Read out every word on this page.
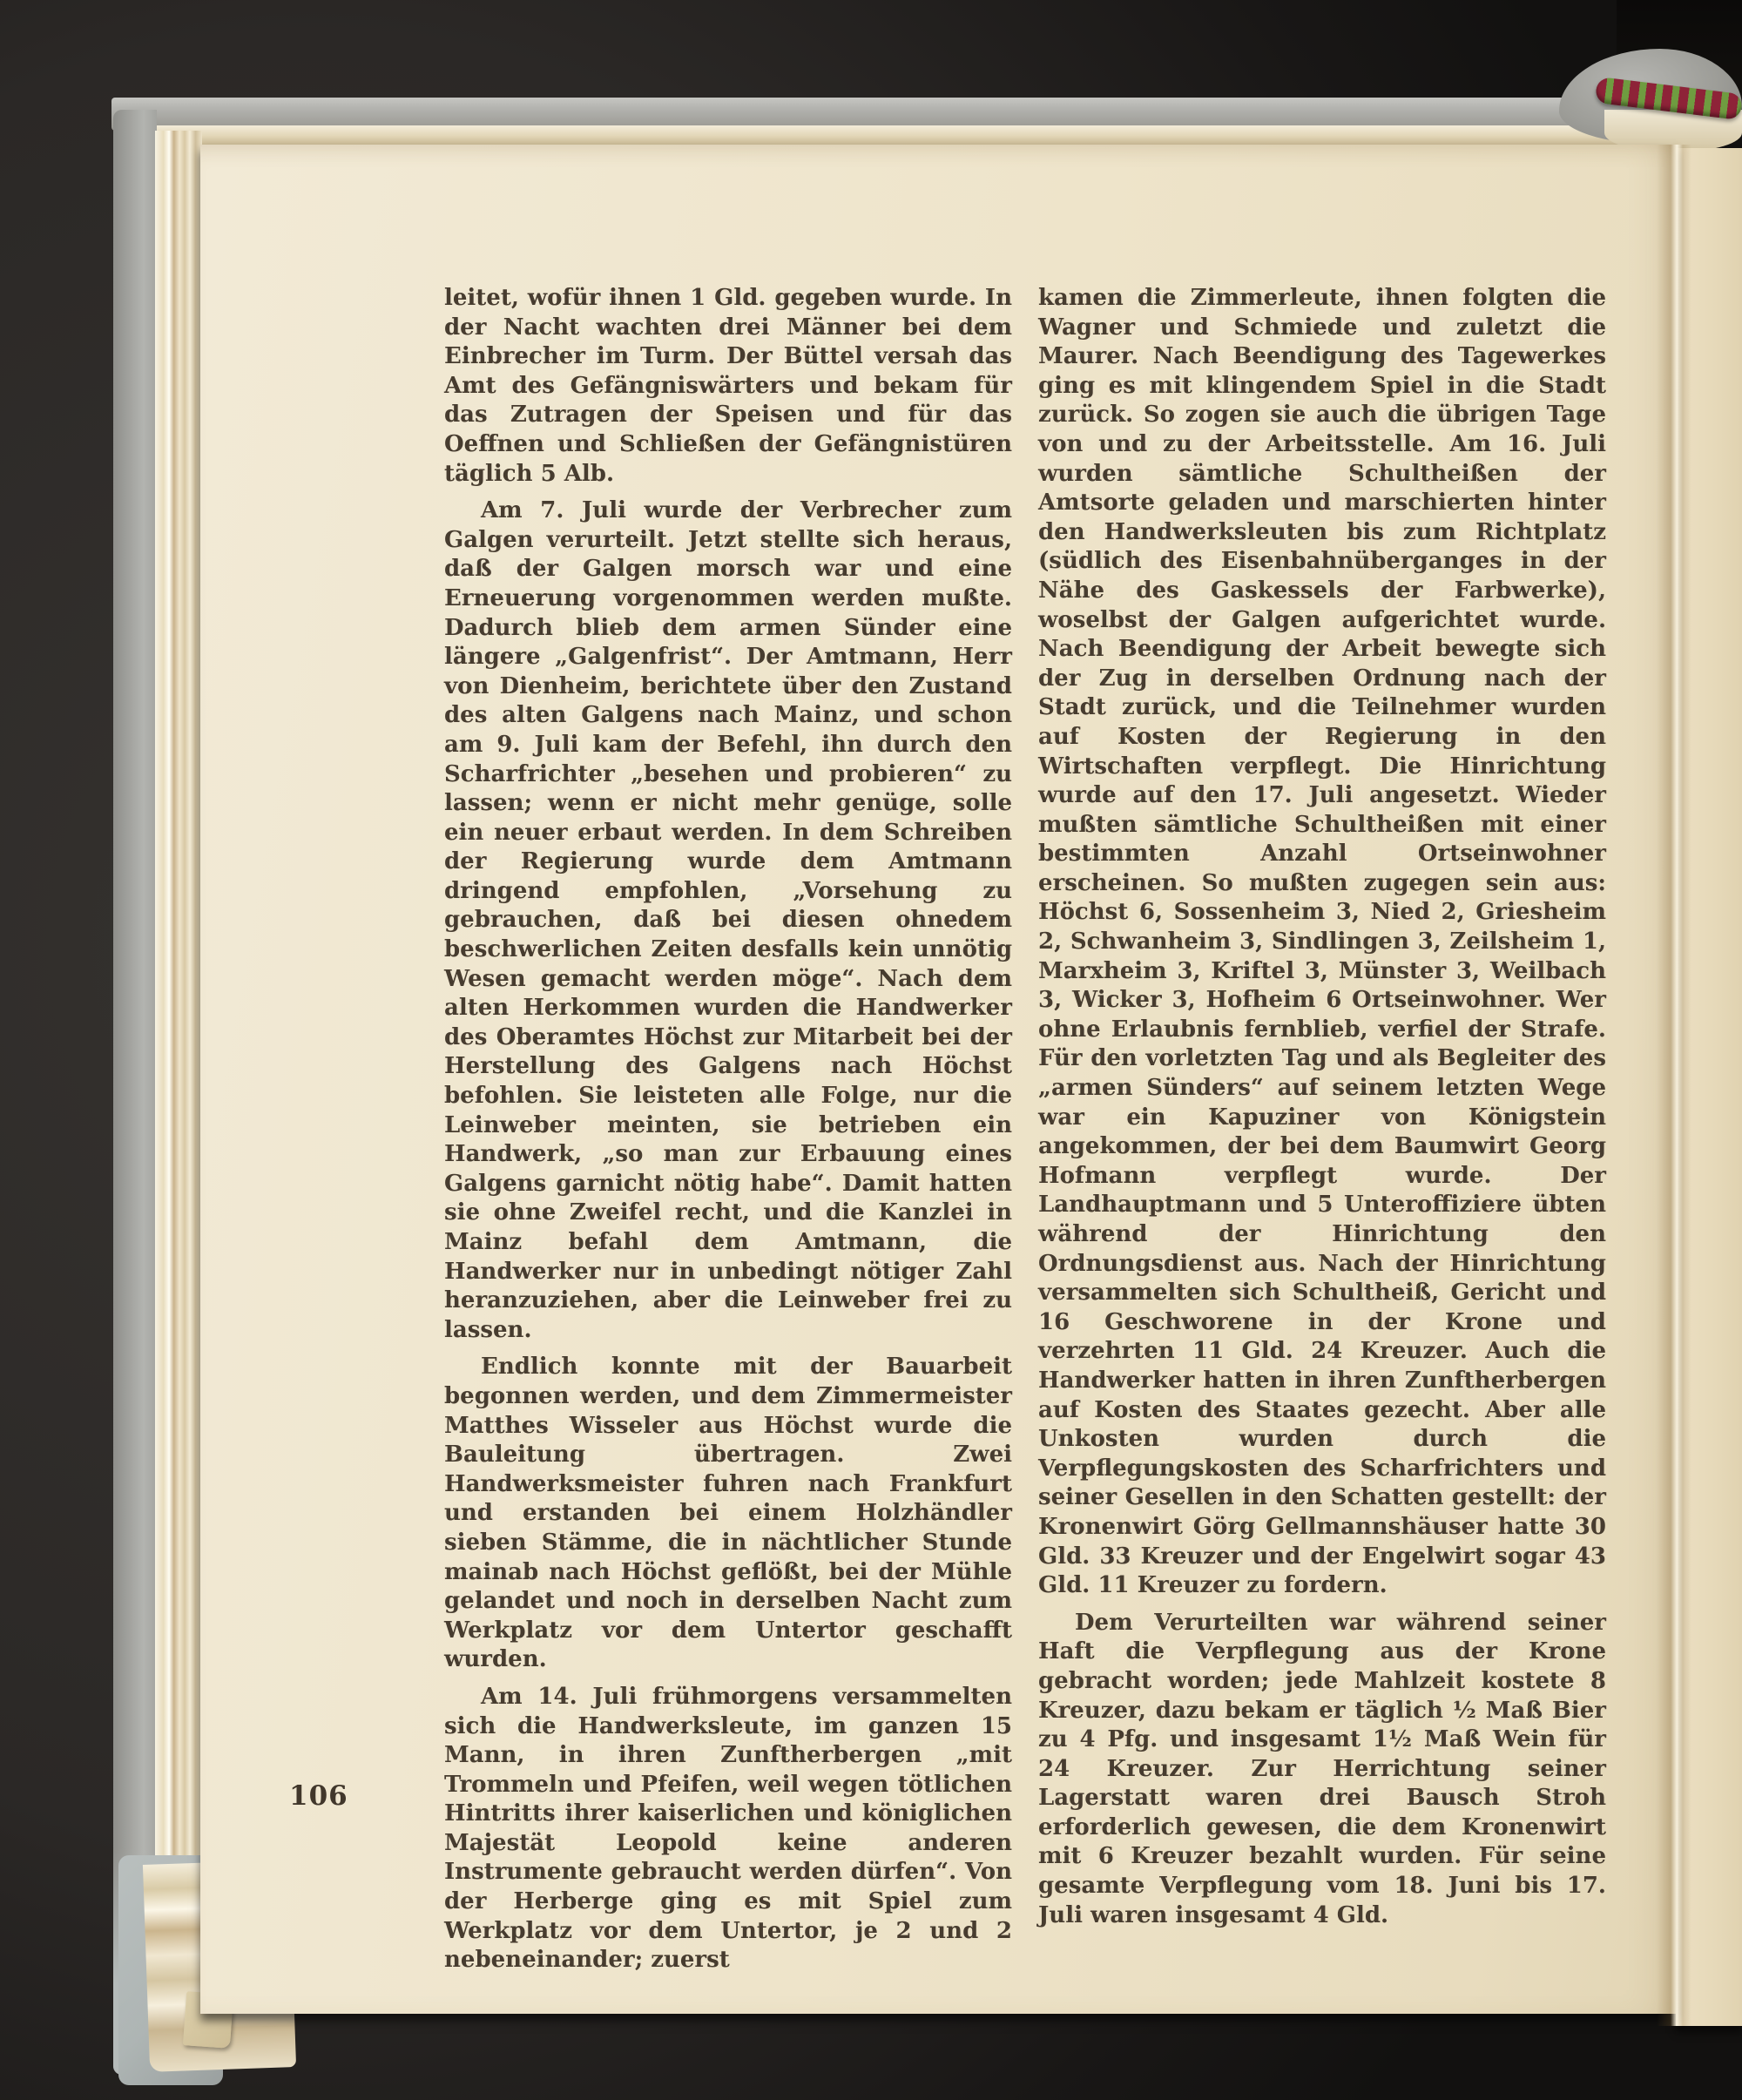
leitet, wofür ihnen 1 Gld. gegeben wurde. In der Nacht wachten drei Männer bei dem Einbrecher im Turm. Der Büttel versah das Amt des Gefängniswärters und bekam für das Zutragen der Speisen und für das Oeffnen und Schließen der Gefängnistüren täglich 5 Alb.

Am 7. Juli wurde der Verbrecher zum Galgen verurteilt. Jetzt stellte sich heraus, daß der Galgen morsch war und eine Erneuerung vorgenommen werden mußte. Dadurch blieb dem armen Sünder eine längere „Galgenfrist“. Der Amtmann, Herr von Dienheim, berichtete über den Zustand des alten Galgens nach Mainz, und schon am 9. Juli kam der Befehl, ihn durch den Scharfrichter „besehen und probieren“ zu lassen; wenn er nicht mehr genüge, solle ein neuer erbaut werden. In dem Schreiben der Regierung wurde dem Amtmann dringend empfohlen, „Vorsehung zu gebrauchen, daß bei diesen ohnedem beschwerlichen Zeiten desfalls kein unnötig Wesen gemacht werden möge“. Nach dem alten Herkommen wurden die Handwerker des Oberamtes Höchst zur Mitarbeit bei der Herstellung des Galgens nach Höchst befohlen. Sie leisteten alle Folge, nur die Leinweber meinten, sie betrieben ein Handwerk, „so man zur Erbauung eines Galgens garnicht nötig habe“. Damit hatten sie ohne Zweifel recht, und die Kanzlei in Mainz befahl dem Amtmann, die Handwerker nur in unbedingt nötiger Zahl heranzuziehen, aber die Leinweber frei zu lassen.

Endlich konnte mit der Bauarbeit begonnen werden, und dem Zimmermeister Matthes Wisseler aus Höchst wurde die Bauleitung übertragen. Zwei Handwerksmeister fuhren nach Frankfurt und erstanden bei einem Holzhändler sieben Stämme, die in nächtlicher Stunde mainab nach Höchst geflößt, bei der Mühle gelandet und noch in derselben Nacht zum Werkplatz vor dem Untertor geschafft wurden.

Am 14. Juli frühmorgens versammelten sich die Handwerksleute, im ganzen 15 Mann, in ihren Zunftherbergen „mit Trommeln und Pfeifen, weil wegen tötlichen Hintritts ihrer kaiserlichen und königlichen Majestät Leopold keine anderen Instrumente gebraucht werden dürfen“. Von der Herberge ging es mit Spiel zum Werkplatz vor dem Untertor, je 2 und 2 nebeneinander; zuerst

kamen die Zimmerleute, ihnen folgten die Wagner und Schmiede und zuletzt die Maurer. Nach Beendigung des Tagewerkes ging es mit klingendem Spiel in die Stadt zurück. So zogen sie auch die übrigen Tage von und zu der Arbeitsstelle. Am 16. Juli wurden sämtliche Schultheißen der Amtsorte geladen und marschierten hinter den Handwerksleuten bis zum Richtplatz (südlich des Eisenbahnüberganges in der Nähe des Gaskessels der Farbwerke), woselbst der Galgen aufgerichtet wurde. Nach Beendigung der Arbeit bewegte sich der Zug in derselben Ordnung nach der Stadt zurück, und die Teilnehmer wurden auf Kosten der Regierung in den Wirtschaften verpflegt. Die Hinrichtung wurde auf den 17. Juli angesetzt. Wieder mußten sämtliche Schultheißen mit einer bestimmten Anzahl Ortseinwohner erscheinen. So mußten zugegen sein aus: Höchst 6, Sossenheim 3, Nied 2, Griesheim 2, Schwanheim 3, Sindlingen 3, Zeilsheim 1, Marxheim 3, Kriftel 3, Münster 3, Weilbach 3, Wicker 3, Hofheim 6 Ortseinwohner. Wer ohne Erlaubnis fernblieb, verfiel der Strafe. Für den vorletzten Tag und als Begleiter des „armen Sünders“ auf seinem letzten Wege war ein Kapuziner von Königstein angekommen, der bei dem Baumwirt Georg Hofmann verpflegt wurde. Der Landhauptmann und 5 Unteroffiziere übten während der Hinrichtung den Ordnungsdienst aus. Nach der Hinrichtung versammelten sich Schultheiß, Gericht und 16 Geschworene in der Krone und verzehrten 11 Gld. 24 Kreuzer. Auch die Handwerker hatten in ihren Zunftherbergen auf Kosten des Staates gezecht. Aber alle Unkosten wurden durch die Verpflegungskosten des Scharfrichters und seiner Gesellen in den Schatten gestellt: der Kronenwirt Görg Gellmannshäuser hatte 30 Gld. 33 Kreuzer und der Engelwirt sogar 43 Gld. 11 Kreuzer zu fordern.

Dem Verurteilten war während seiner Haft die Verpflegung aus der Krone gebracht worden; jede Mahlzeit kostete 8 Kreuzer, dazu bekam er täglich ½ Maß Bier zu 4 Pfg. und insgesamt 1½ Maß Wein für 24 Kreuzer. Zur Herrichtung seiner Lagerstatt waren drei Bausch Stroh erforderlich gewesen, die dem Kronenwirt mit 6 Kreuzer bezahlt wurden. Für seine gesamte Verpflegung vom 18. Juni bis 17. Juli waren insgesamt 4 Gld.

106
